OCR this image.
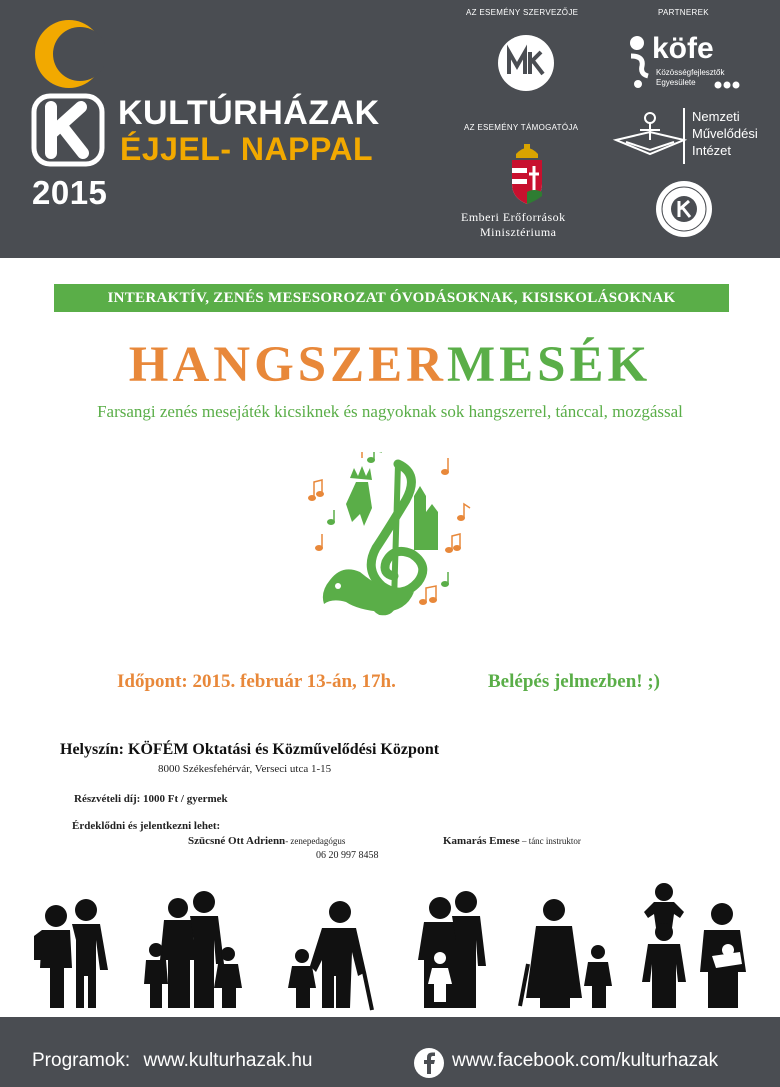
KULTÚRHÁZAK
ÉJJEL- NAPPAL
2015
AZ ESEMÉNY SZERVEZŐJE	PARTNEREK
köfe
Közösségfejlesztők
Egyesülete
Nemzeti
Művelődési
Intézet
AZ ESEMÉNY TÁMOGATÓJA
Emberi Erőforrások
Minisztériuma
INTERAKTÍV, ZENÉS MESESOROZAT ÓVODÁSOKNAK, KISISKOLÁSOKNAK
HANGSZERMESÉK
Farsangi zenés mesejáték kicsiknek és nagyoknak sok hangszerrel, tánccal, mozgással
Időpont: 2015. február 13-án, 17h.	Belépés jelmezben! ;)
Helyszín: KÖFÉM Oktatási és Közművelődési Központ
8000 Székesfehérvár, Verseci utca 1-15
Részvételi díj: 1000 Ft / gyermek
Érdeklődni és jelentkezni lehet:
Szücsné Ott Adrienn- zenepedagógus
06 20 997 8458
Kamarás Emese – tánc instruktor
Programok: www.kulturhazak.hu	www.facebook.com/kulturhazak
